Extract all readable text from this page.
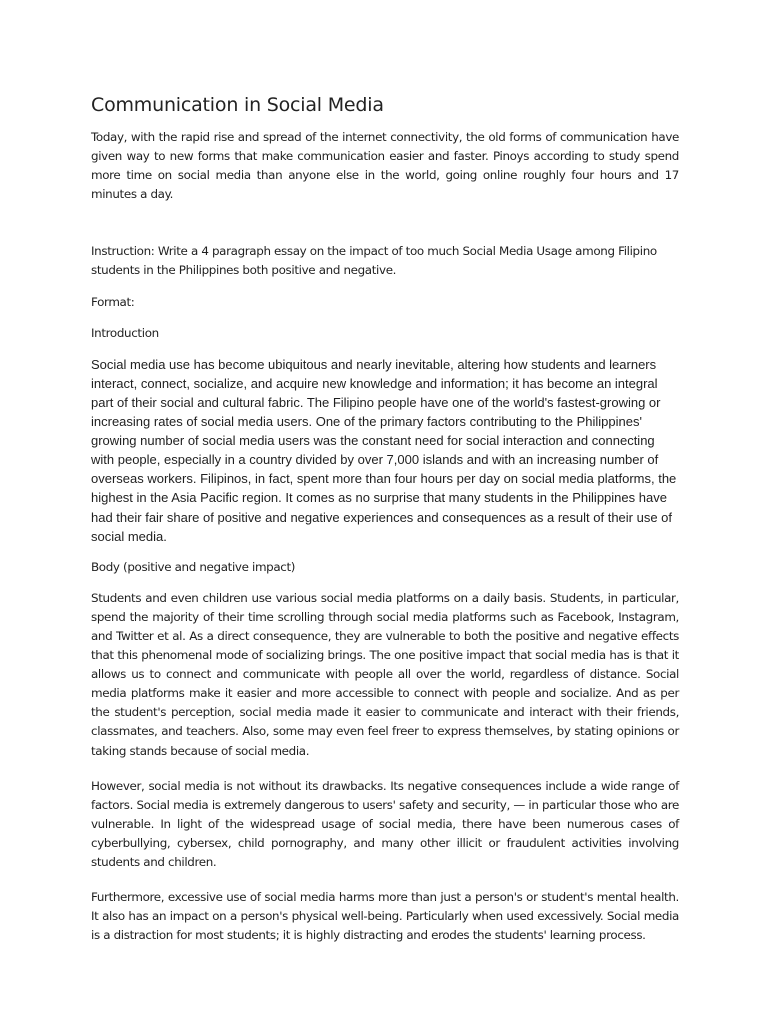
Communication in Social Media

Today, with the rapid rise and spread of the internet connectivity, the old forms of communication have given way to new forms that make communication easier and faster. Pinoys according to study spend more time on social media than anyone else in the world, going online roughly four hours and 17 minutes a day.

Instruction: Write a 4 paragraph essay on the impact of too much Social Media Usage among Filipino students in the Philippines both positive and negative.

Format:

Introduction

Social media use has become ubiquitous and nearly inevitable, altering how students and learners interact, connect, socialize, and acquire new knowledge and information; it has become an integral part of their social and cultural fabric. The Filipino people have one of the world's fastest-growing or increasing rates of social media users. One of the primary factors contributing to the Philippines' growing number of social media users was the constant need for social interaction and connecting with people, especially in a country divided by over 7,000 islands and with an increasing number of overseas workers. Filipinos, in fact, spent more than four hours per day on social media platforms, the highest in the Asia Pacific region. It comes as no surprise that many students in the Philippines have had their fair share of positive and negative experiences and consequences as a result of their use of social media.

Body (positive and negative impact)

Students and even children use various social media platforms on a daily basis. Students, in particular, spend the majority of their time scrolling through social media platforms such as Facebook, Instagram, and Twitter et al. As a direct consequence, they are vulnerable to both the positive and negative effects that this phenomenal mode of socializing brings. The one positive impact that social media has is that it allows us to connect and communicate with people all over the world, regardless of distance. Social media platforms make it easier and more accessible to connect with people and socialize. And as per the student's perception, social media made it easier to communicate and interact with their friends, classmates, and teachers. Also, some may even feel freer to express themselves, by stating opinions or taking stands because of social media.

However, social media is not without its drawbacks. Its negative consequences include a wide range of factors. Social media is extremely dangerous to users' safety and security, — in particular those who are vulnerable. In light of the widespread usage of social media, there have been numerous cases of cyberbullying, cybersex, child pornography, and many other illicit or fraudulent activities involving students and children.

Furthermore, excessive use of social media harms more than just a person's or student's mental health. It also has an impact on a person's physical well-being. Particularly when used excessively. Social media is a distraction for most students; it is highly distracting and erodes the students' learning process.
